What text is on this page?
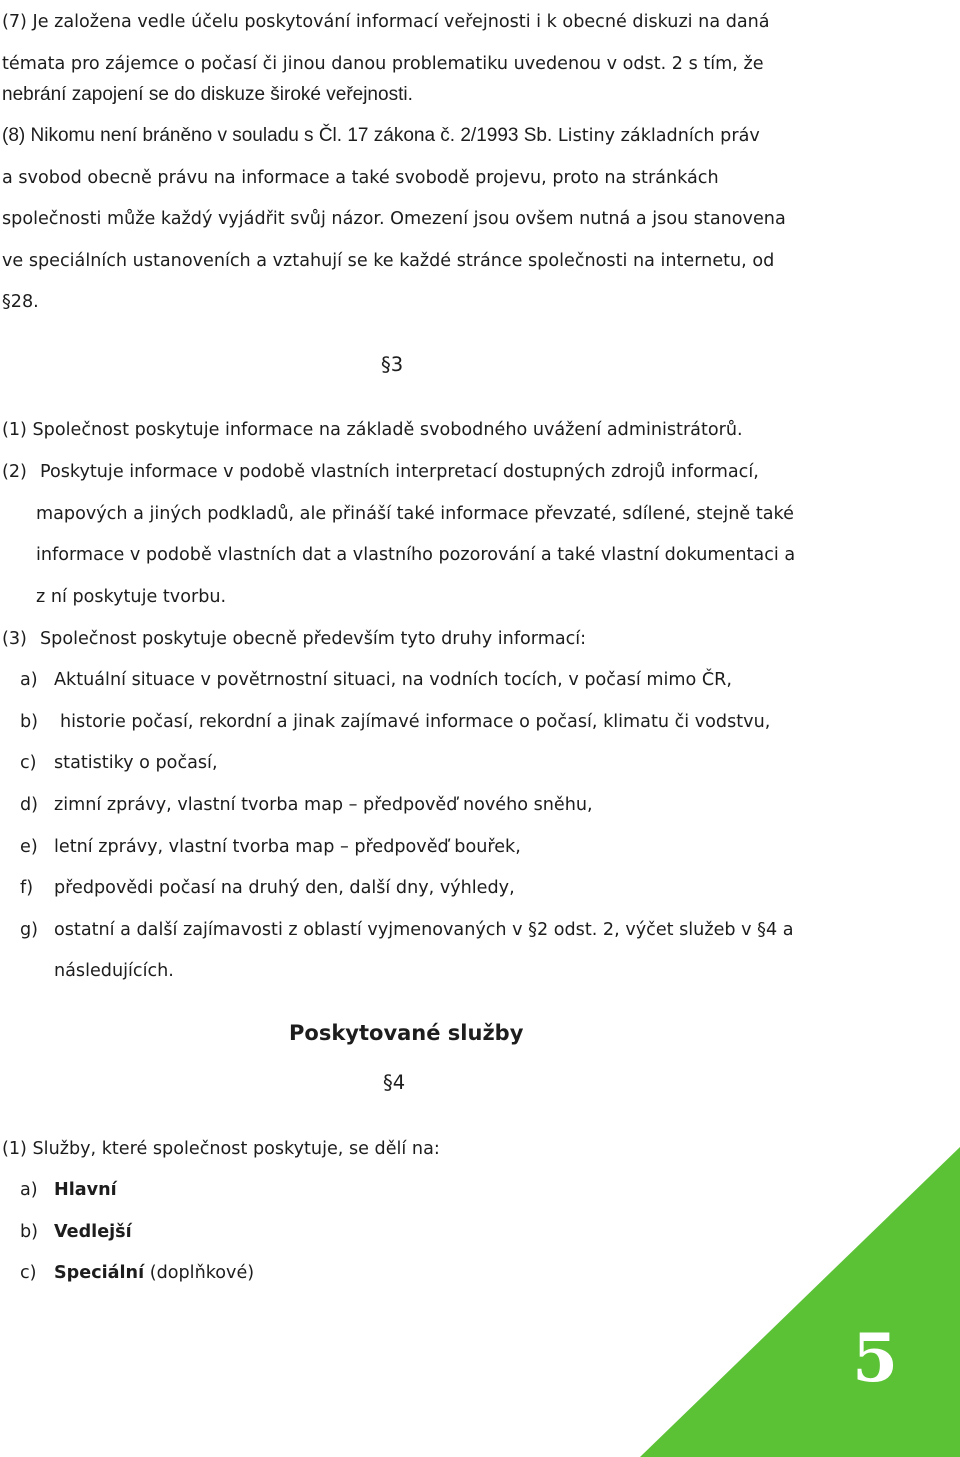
(7) Je založena vedle účelu poskytování informací veřejnosti i k obecné diskuzi na daná
témata pro zájemce o počasí či jinou danou problematiku uvedenou v odst. 2 s tím, že
nebrání zapojení se do diskuze široké veřejnosti.
(8) Nikomu není bráněno v souladu s Čl. 17 zákona č. 2/1993 Sb. Listiny základních práv
a svobod obecně právu na informace a také svobodě projevu, proto na stránkách
společnosti může každý vyjádřit svůj názor. Omezení jsou ovšem nutná a jsou stanovena
ve speciálních ustanoveních a vztahují se ke každé stránce společnosti na internetu, od
§28.
§3
(1) Společnost poskytuje informace na základě svobodného uvážení administrátorů.
(2) Poskytuje informace v podobě vlastních interpretací dostupných zdrojů informací,
mapových a jiných podkladů, ale přináší také informace převzaté, sdílené, stejně také
informace v podobě vlastních dat a vlastního pozorování a také vlastní dokumentaci a
z ní poskytuje tvorbu.
(3) Společnost poskytuje obecně především tyto druhy informací:
a) Aktuální situace v povětrnostní situaci, na vodních tocích, v počasí mimo ČR,
b) historie počasí, rekordní a jinak zajímavé informace o počasí, klimatu či vodstvu,
c) statistiky o počasí,
d) zimní zprávy, vlastní tvorba map – předpověď nového sněhu,
e) letní zprávy, vlastní tvorba map – předpověď bouřek,
f) předpovědi počasí na druhý den, další dny, výhledy,
g) ostatní a další zajímavosti z oblastí vyjmenovaných v §2 odst. 2, výčet služeb v §4 a
následujících.
Poskytované služby
§4
(1) Služby, které společnost poskytuje, se dělí na:
a) Hlavní
b) Vedlejší
c) Speciální (doplňkové)
5
